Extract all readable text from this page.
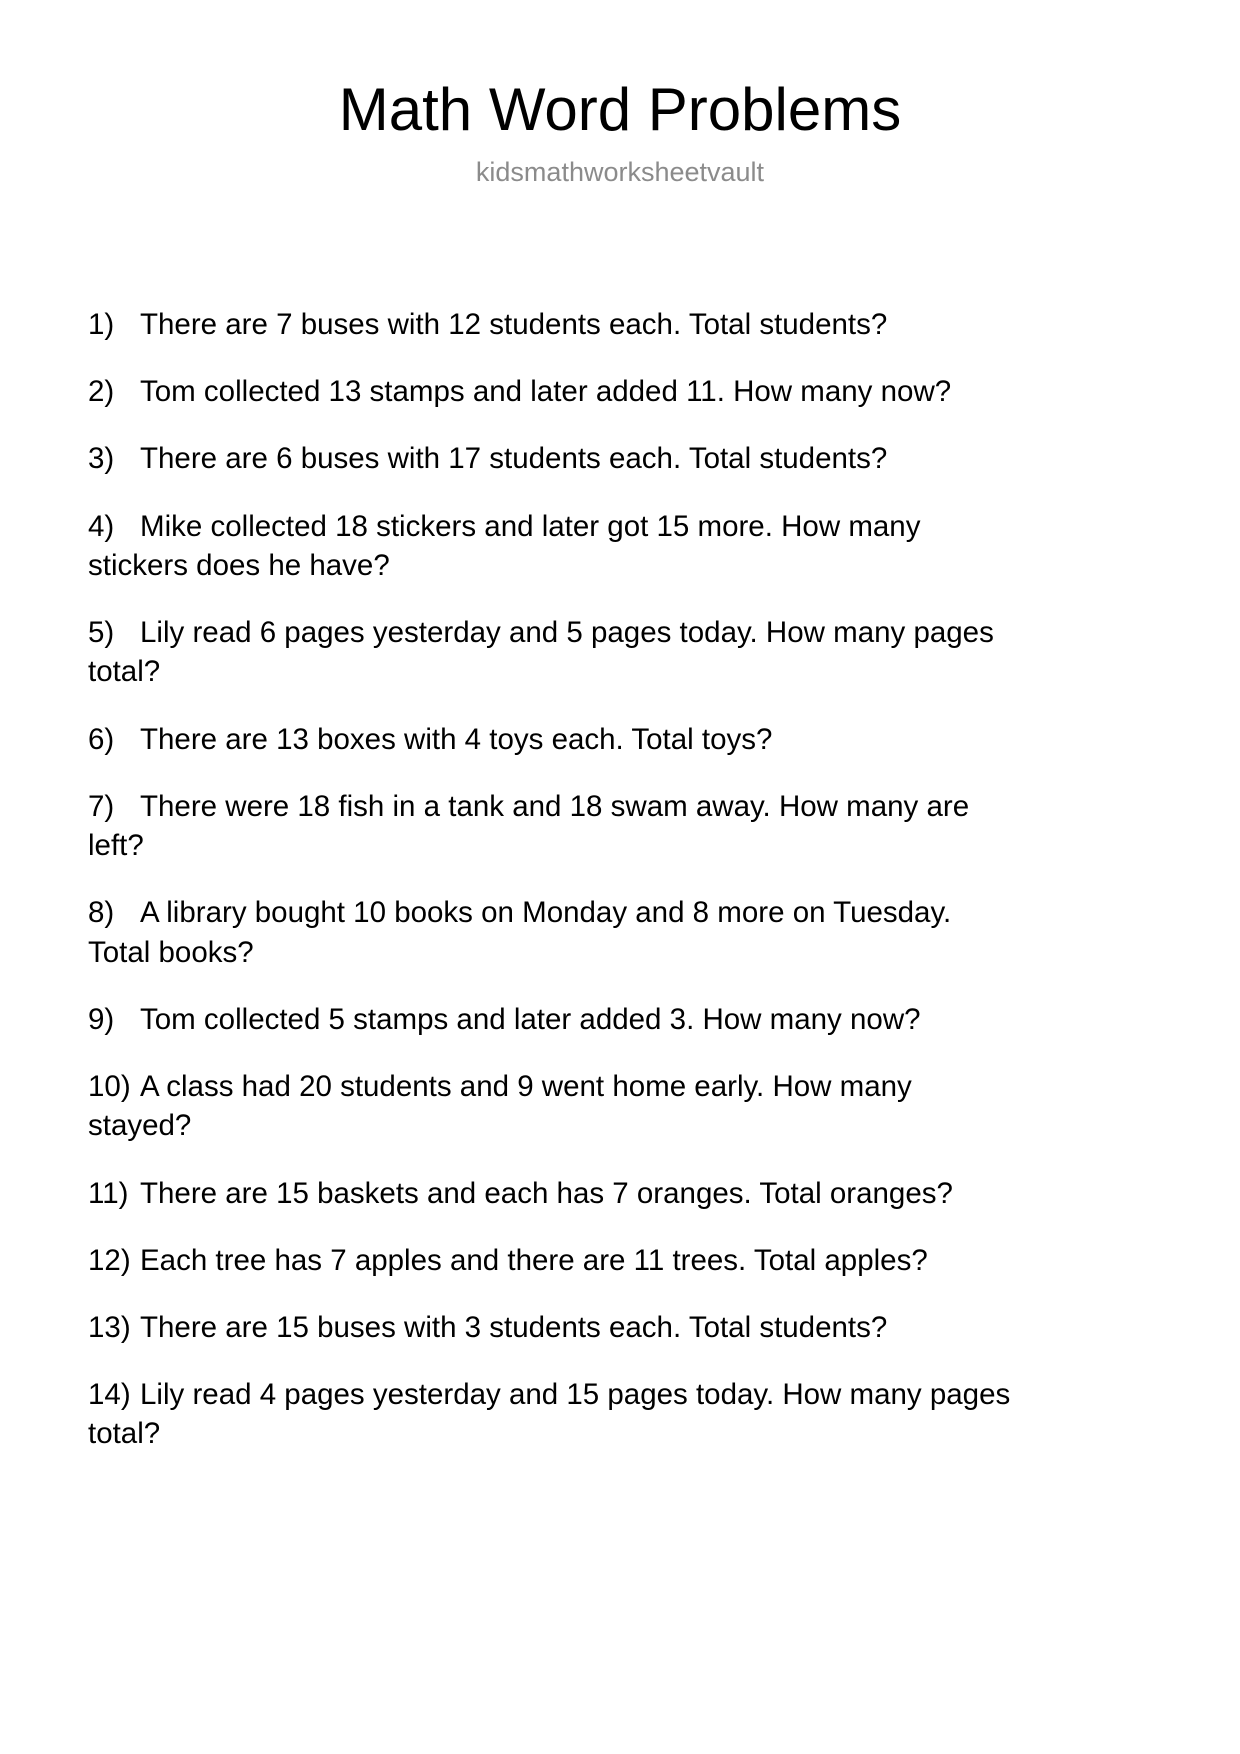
Math Word Problems
kidsmathworksheetvault
1) There are 7 buses with 12 students each. Total students?
2) Tom collected 13 stamps and later added 11. How many now?
3) There are 6 buses with 17 students each. Total students?
4) Mike collected 18 stickers and later got 15 more. How many stickers does he have?
5) Lily read 6 pages yesterday and 5 pages today. How many pages total?
6) There are 13 boxes with 4 toys each. Total toys?
7) There were 18 fish in a tank and 18 swam away. How many are left?
8) A library bought 10 books on Monday and 8 more on Tuesday. Total books?
9) Tom collected 5 stamps and later added 3. How many now?
10) A class had 20 students and 9 went home early. How many stayed?
11) There are 15 baskets and each has 7 oranges. Total oranges?
12) Each tree has 7 apples and there are 11 trees. Total apples?
13) There are 15 buses with 3 students each. Total students?
14) Lily read 4 pages yesterday and 15 pages today. How many pages total?
